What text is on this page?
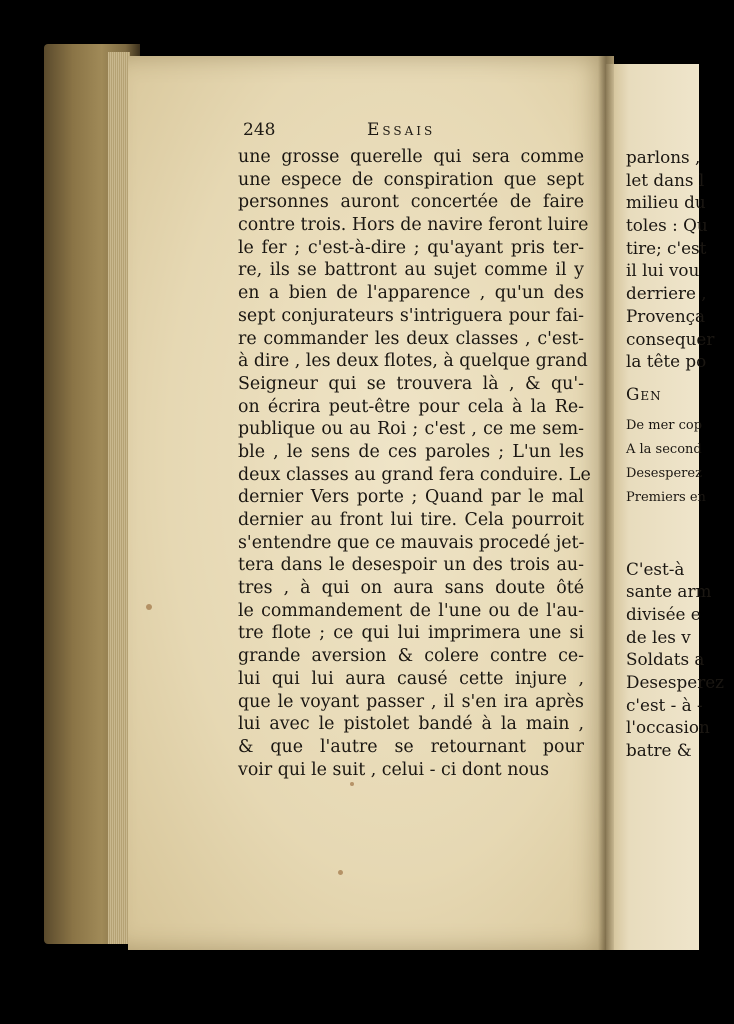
248	Essais
une grosse querelle qui sera comme
une espece de conspiration que sept
personnes auront concertée de faire
contre trois. Hors de navire feront luire
le fer ; c'est-à-dire ; qu'ayant pris ter-
re, ils se battront au sujet comme il y
en a bien de l'apparence , qu'un des
sept conjurateurs s'intriguera pour fai-
re commander les deux classes , c'est-
à dire , les deux flotes, à quelque grand
Seigneur qui se trouvera là , & qu'-
on écrira peut-être pour cela à la Re-
publique ou au Roi ; c'est , ce me sem-
ble , le sens de ces paroles ; L'un les
deux classes au grand fera conduire. Le
dernier Vers porte ; Quand par le mal
dernier au front lui tire. Cela pourroit
s'entendre que ce mauvais procedé jet-
tera dans le desespoir un des trois au-
tres , à qui on aura sans doute ôté
le commandement de l'une ou de l'au-
tre flote ; ce qui lui imprimera une si
grande aversion & colere contre ce-
lui qui lui aura causé cette injure ,
que le voyant passer , il s'en ira après
lui avec le pistolet bandé à la main ,
& que l'autre se retournant pour
voir qui le suit , celui - ci dont nous
parlons ,
let dans l
milieu du
toles : Qu
tire; c'est
il lui vou
derriere ,
Provença
consequer
la tête po
Gen
De mer cop
A la second
Desesperez
Premiers en
C'est-à
sante arm
divisée e
de les v
Soldats a
Desesperez
c'est - à -
l'occasion
batre &
